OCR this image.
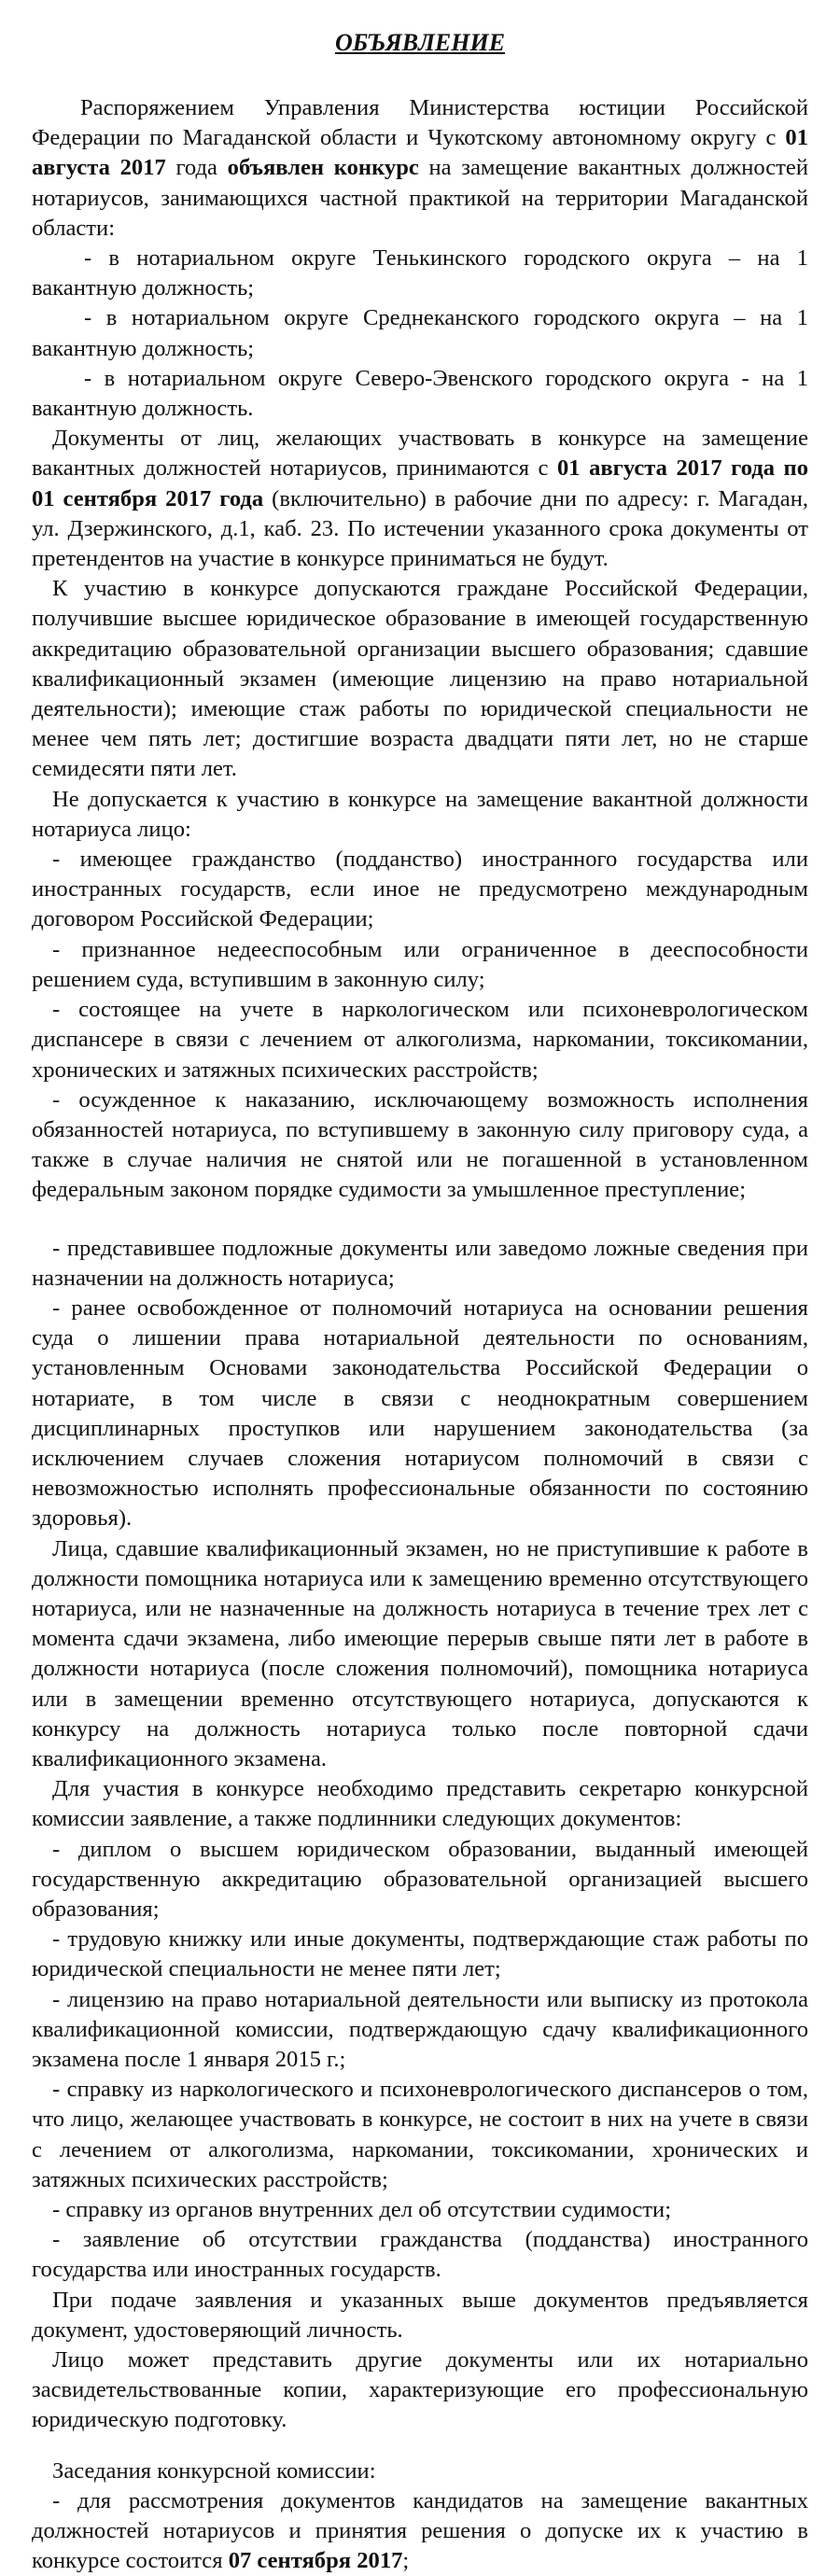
ОБЪЯВЛЕНИЕ

Распоряжением Управления Министерства юстиции Российской Федерации по Магаданской области и Чукотскому автономному округу с 01 августа 2017 года объявлен конкурс на замещение вакантных должностей нотариусов, занимающихся частной практикой на территории Магаданской области:

- в нотариальном округе Тенькинского городского округа – на 1 вакантную должность;

- в нотариальном округе Среднеканского городского округа – на 1 вакантную должность;

- в нотариальном округе Северо-Эвенского городского округа - на 1 вакантную должность.

Документы от лиц, желающих участвовать в конкурсе на замещение вакантных должностей нотариусов, принимаются с 01 августа 2017 года по 01 сентября 2017 года (включительно) в рабочие дни по адресу: г. Магадан, ул. Дзержинского, д.1, каб. 23. По истечении указанного срока документы от претендентов на участие в конкурсе приниматься не будут.

К участию в конкурсе допускаются граждане Российской Федерации, получившие высшее юридическое образование в имеющей государственную аккредитацию образовательной организации высшего образования; сдавшие квалификационный экзамен (имеющие лицензию на право нотариальной деятельности); имеющие стаж работы по юридической специальности не менее чем пять лет; достигшие возраста двадцати пяти лет, но не старше семидесяти пяти лет.

Не допускается к участию в конкурсе на замещение вакантной должности нотариуса лицо:

- имеющее гражданство (подданство) иностранного государства или иностранных государств, если иное не предусмотрено международным договором Российской Федерации;

- признанное недееспособным или ограниченное в дееспособности решением суда, вступившим в законную силу;

- состоящее на учете в наркологическом или психоневрологическом диспансере в связи с лечением от алкоголизма, наркомании, токсикомании, хронических и затяжных психических расстройств;

- осужденное к наказанию, исключающему возможность исполнения обязанностей нотариуса, по вступившему в законную силу приговору суда, а также в случае наличия не снятой или не погашенной в установленном федеральным законом порядке судимости за умышленное преступление;

- представившее подложные документы или заведомо ложные сведения при назначении на должность нотариуса;

- ранее освобожденное от полномочий нотариуса на основании решения суда о лишении права нотариальной деятельности по основаниям, установленным Основами законодательства Российской Федерации о нотариате, в том числе в связи с неоднократным совершением дисциплинарных проступков или нарушением законодательства (за исключением случаев сложения нотариусом полномочий в связи с невозможностью исполнять профессиональные обязанности по состоянию здоровья).

Лица, сдавшие квалификационный экзамен, но не приступившие к работе в должности помощника нотариуса или к замещению временно отсутствующего нотариуса, или не назначенные на должность нотариуса в течение трех лет с момента сдачи экзамена, либо имеющие перерыв свыше пяти лет в работе в должности нотариуса (после сложения полномочий), помощника нотариуса или в замещении временно отсутствующего нотариуса, допускаются к конкурсу на должность нотариуса только после повторной сдачи квалификационного экзамена.

Для участия в конкурсе необходимо представить секретарю конкурсной комиссии заявление, а также подлинники следующих документов:

- диплом о высшем юридическом образовании, выданный имеющей государственную аккредитацию образовательной организацией высшего образования;

- трудовую книжку или иные документы, подтверждающие стаж работы по юридической специальности не менее пяти лет;

- лицензию на право нотариальной деятельности или выписку из протокола квалификационной комиссии, подтверждающую сдачу квалификационного экзамена после 1 января 2015 г.;

- справку из наркологического и психоневрологического диспансеров о том, что лицо, желающее участвовать в конкурсе, не состоит в них на учете в связи с лечением от алкоголизма, наркомании, токсикомании, хронических и затяжных психических расстройств;

- справку из органов внутренних дел об отсутствии судимости;

- заявление об отсутствии гражданства (подданства) иностранного государства или иностранных государств.

При подаче заявления и указанных выше документов предъявляется документ, удостоверяющий личность.

Лицо может представить другие документы или их нотариально засвидетельствованные копии, характеризующие его профессиональную юридическую подготовку.

Заседания конкурсной комиссии:

- для рассмотрения документов кандидатов на замещение вакантных должностей нотариусов и принятия решения о допуске их к участию в конкурсе состоится 07 сентября 2017;
